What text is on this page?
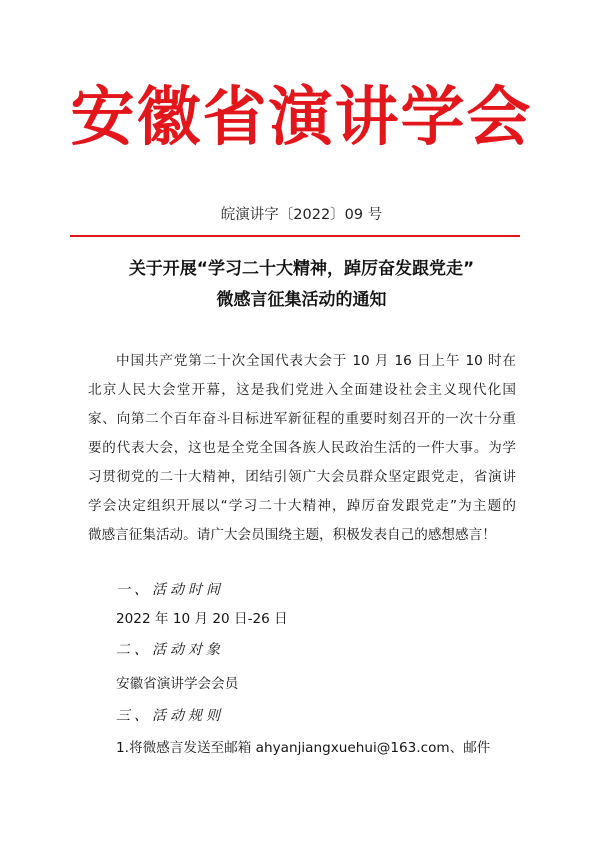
安徽省演讲学会
皖演讲字〔2022〕09 号
关于开展“学习二十大精神，踔厉奋发跟党走”
微感言征集活动的通知
中国共产党第二十次全国代表大会于 10 月 16 日上午 10 时在
北京人民大会堂开幕，这是我们党进入全面建设社会主义现代化国
家、向第二个百年奋斗目标进军新征程的重要时刻召开的一次十分重
要的代表大会，这也是全党全国各族人民政治生活的一件大事。为学
习贯彻党的二十大精神，团结引领广大会员群众坚定跟党走，省演讲
学会决定组织开展以“学习二十大精神，踔厉奋发跟党走”为主题的
微感言征集活动。请广大会员围绕主题，积极发表自己的感想感言！
一、活动时间
2022 年 10 月 20 日-26 日
二、活动对象
安徽省演讲学会会员
三、活动规则
1.将微感言发送至邮箱 ahyanjiangxuehui@163.com、邮件
